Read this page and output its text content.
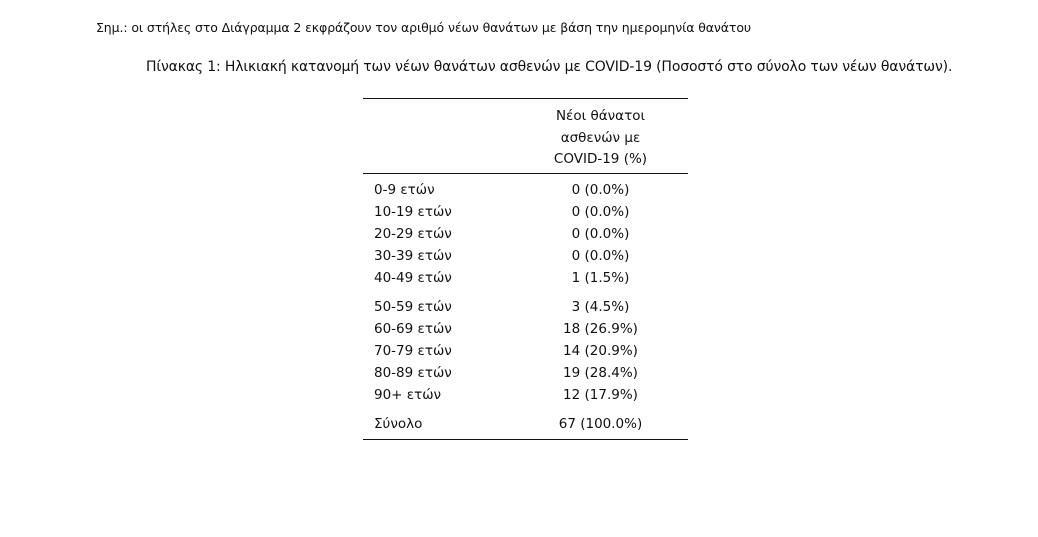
Σημ.: οι στήλες στο Διάγραμμα 2 εκφράζουν τον αριθμό νέων θανάτων με βάση την ημερομηνία θανάτου
Πίνακας 1: Ηλικιακή κατανομή των νέων θανάτων ασθενών με COVID-19 (Ποσοστό στο σύνολο των νέων θανάτων).
Νέοι θάνατοι
ασθενών με
COVID-19 (%)
0-9 ετών	0 (0.0%)
10-19 ετών	0 (0.0%)
20-29 ετών	0 (0.0%)
30-39 ετών	0 (0.0%)
40-49 ετών	1 (1.5%)
50-59 ετών	3 (4.5%)
60-69 ετών	18 (26.9%)
70-79 ετών	14 (20.9%)
80-89 ετών	19 (28.4%)
90+ ετών	12 (17.9%)
Σύνολο	67 (100.0%)
